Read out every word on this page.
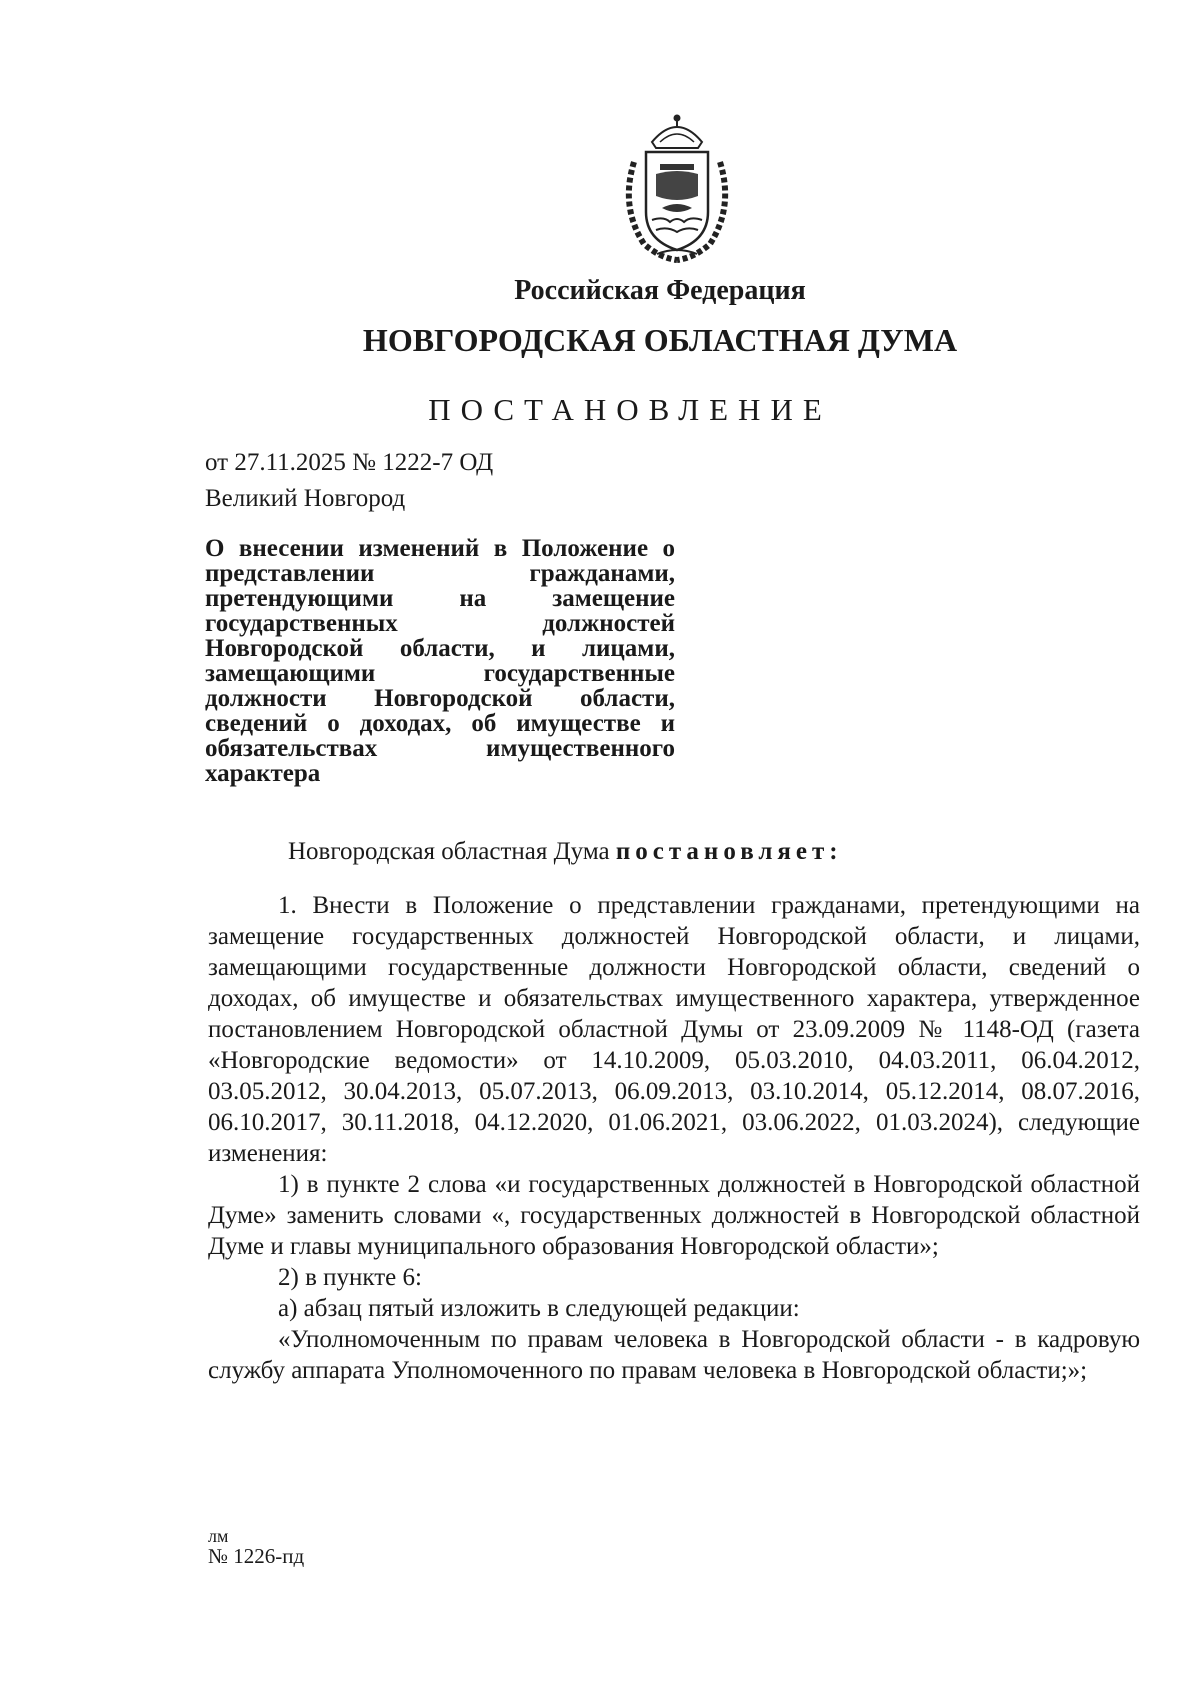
Российская Федерация
НОВГОРОДСКАЯ ОБЛАСТНАЯ ДУМА
ПОСТАНОВЛЕНИЕ
от 27.11.2025 № 1222-7 ОД
Великий Новгород

О внесении изменений в Положение о представлении гражданами, претендующими на замещение государственных должностей Новгородской области, и лицами, замещающими государственные должности Новгородской области, сведений о доходах, об имуществе и обязательствах имущественного характера

Новгородская областная Дума постановляет:

1. Внести в Положение о представлении гражданами, претендующими на замещение государственных должностей Новгородской области, и лицами, замещающими государственные должности Новгородской области, сведений о доходах, об имуществе и обязательствах имущественного характера, утвержденное постановлением Новгородской областной Думы от 23.09.2009 № 1148-ОД (газета «Новгородские ведомости» от 14.10.2009, 05.03.2010, 04.03.2011, 06.04.2012, 03.05.2012, 30.04.2013, 05.07.2013, 06.09.2013, 03.10.2014, 05.12.2014, 08.07.2016, 06.10.2017, 30.11.2018, 04.12.2020, 01.06.2021, 03.06.2022, 01.03.2024), следующие изменения:

1) в пункте 2 слова «и государственных должностей в Новгородской областной Думе» заменить словами «, государственных должностей в Новгородской областной Думе и главы муниципального образования Новгородской области»;

2) в пункте 6:

а) абзац пятый изложить в следующей редакции:

«Уполномоченным по правам человека в Новгородской области - в кадровую службу аппарата Уполномоченного по правам человека в Новгородской области;»;

лм
№ 1226-пд
